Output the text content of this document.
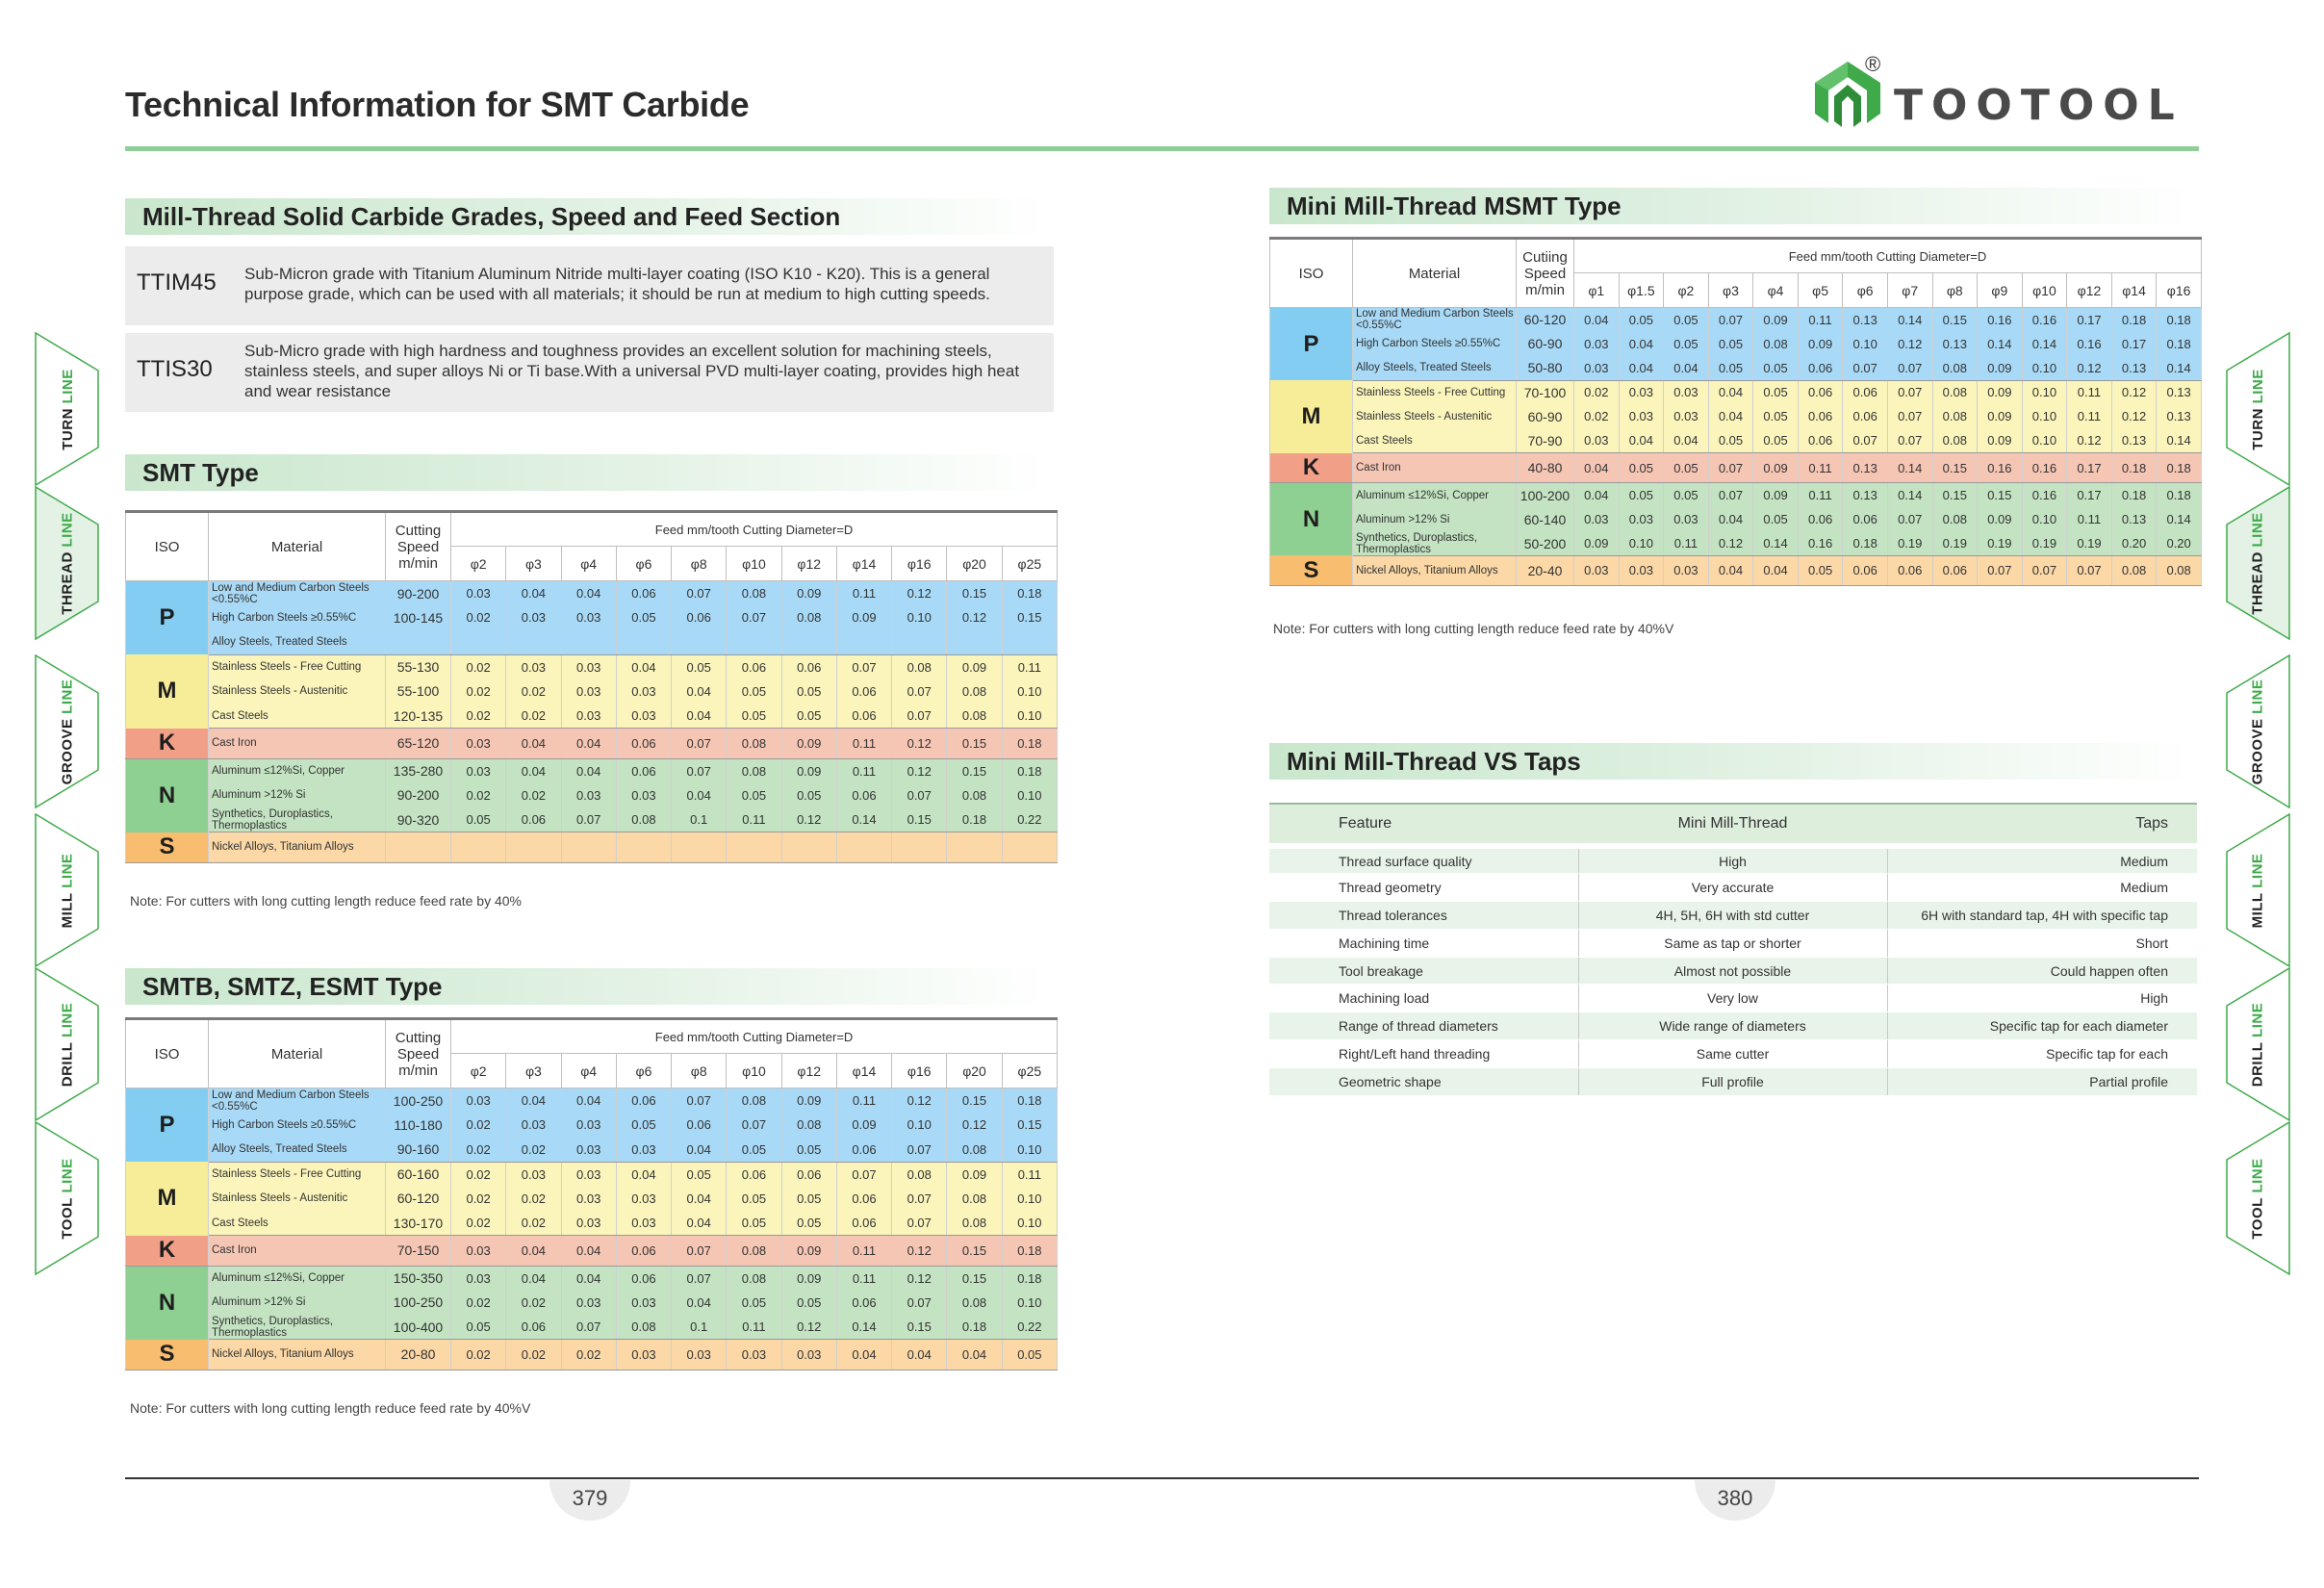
Technical Information for SMT Carbide
®
TOOTOOL
TURN LINE
THREAD LINE
GROOVE LINE
MILL LINE
DRILL LINE
TOOL LINE
TURN LINE
THREAD LINE
GROOVE LINE
MILL LINE
DRILL LINE
TOOL LINE
Mill-Thread Solid Carbide Grades, Speed and Feed Section
TTIM45 Sub-Micron grade with Titanium Aluminum Nitride multi-layer coating (ISO K10 - K20). This is a general purpose grade, which can be used with all materials; it should be run at medium to high cutting speeds.
TTIS30
Sub-Micro grade with high hardness and toughness provides an excellent solution for machining steels, stainless steels, and super alloys Ni or Ti base.With a universal PVD multi-layer coating, provides high heat and wear resistance
SMT Type
ISO	Material	Cutting Speed m/min	Feed mm/tooth Cutting Diameter=D										
			φ2	φ3	φ4	φ6	φ8	φ10	φ12	φ14	φ16	φ20	φ25
P	Low and Medium Carbon Steels <0.55%C	90-200	0.03	0.04	0.04	0.06	0.07	0.08	0.09	0.11	0.12	0.15	0.18
	High Carbon Steels ≥0.55%C	100-145	0.02	0.03	0.03	0.05	0.06	0.07	0.08	0.09	0.10	0.12	0.15
	Alloy Steels, Treated Steels												
M	Stainless Steels - Free Cutting	55-130	0.02	0.03	0.03	0.04	0.05	0.06	0.06	0.07	0.08	0.09	0.11
	Stainless Steels - Austenitic	55-100	0.02	0.02	0.03	0.03	0.04	0.05	0.05	0.06	0.07	0.08	0.10
	Cast Steels	120-135	0.02	0.02	0.03	0.03	0.04	0.05	0.05	0.06	0.07	0.08	0.10
K	Cast Iron	65-120	0.03	0.04	0.04	0.06	0.07	0.08	0.09	0.11	0.12	0.15	0.18
N	Aluminum ≤12%Si, Copper	135-280	0.03	0.04	0.04	0.06	0.07	0.08	0.09	0.11	0.12	0.15	0.18
	Aluminum >12% Si	90-200	0.02	0.02	0.03	0.03	0.04	0.05	0.05	0.06	0.07	0.08	0.10
	Synthetics, Duroplastics, Thermoplastics	90-320	0.05	0.06	0.07	0.08	0.1	0.11	0.12	0.14	0.15	0.18	0.22
S	Nickel Alloys, Titanium Alloys												
Note: For cutters with long cutting length reduce feed rate by 40%
SMTB, SMTZ, ESMT Type
ISO	Material	Cutting Speed m/min	Feed mm/tooth Cutting Diameter=D										
			φ2	φ3	φ4	φ6	φ8	φ10	φ12	φ14	φ16	φ20	φ25
P	Low and Medium Carbon Steels <0.55%C	100-250	0.03	0.04	0.04	0.06	0.07	0.08	0.09	0.11	0.12	0.15	0.18
	High Carbon Steels ≥0.55%C	110-180	0.02	0.03	0.03	0.05	0.06	0.07	0.08	0.09	0.10	0.12	0.15
	Alloy Steels, Treated Steels	90-160	0.02	0.02	0.03	0.03	0.04	0.05	0.05	0.06	0.07	0.08	0.10
M	Stainless Steels - Free Cutting	60-160	0.02	0.03	0.03	0.04	0.05	0.06	0.06	0.07	0.08	0.09	0.11
	Stainless Steels - Austenitic	60-120	0.02	0.02	0.03	0.03	0.04	0.05	0.05	0.06	0.07	0.08	0.10
	Cast Steels	130-170	0.02	0.02	0.03	0.03	0.04	0.05	0.05	0.06	0.07	0.08	0.10
K	Cast Iron	70-150	0.03	0.04	0.04	0.06	0.07	0.08	0.09	0.11	0.12	0.15	0.18
N	Aluminum ≤12%Si, Copper	150-350	0.03	0.04	0.04	0.06	0.07	0.08	0.09	0.11	0.12	0.15	0.18
	Aluminum >12% Si	100-250	0.02	0.02	0.03	0.03	0.04	0.05	0.05	0.06	0.07	0.08	0.10
	Synthetics, Duroplastics, Thermoplastics	100-400	0.05	0.06	0.07	0.08	0.1	0.11	0.12	0.14	0.15	0.18	0.22
S	Nickel Alloys, Titanium Alloys	20-80	0.02	0.02	0.02	0.03	0.03	0.03	0.03	0.04	0.04	0.04	0.05
Note: For cutters with long cutting length reduce feed rate by 40%V
Mini Mill-Thread MSMT Type
ISO	Material	Cutiing Speed m/min	Feed mm/tooth Cutting Diameter=D													
			φ1	φ1.5	φ2	φ3	φ4	φ5	φ6	φ7	φ8	φ9	φ10	φ12	φ14	φ16
P	Low and Medium Carbon Steels <0.55%C	60-120	0.04	0.05	0.05	0.07	0.09	0.11	0.13	0.14	0.15	0.16	0.16	0.17	0.18	0.18
	High Carbon Steels ≥0.55%C	60-90	0.03	0.04	0.05	0.05	0.08	0.09	0.10	0.12	0.13	0.14	0.14	0.16	0.17	0.18
	Alloy Steels, Treated Steels	50-80	0.03	0.04	0.04	0.05	0.05	0.06	0.07	0.07	0.08	0.09	0.10	0.12	0.13	0.14
M	Stainless Steels - Free Cutting	70-100	0.02	0.03	0.03	0.04	0.05	0.06	0.06	0.07	0.08	0.09	0.10	0.11	0.12	0.13
	Stainless Steels - Austenitic	60-90	0.02	0.03	0.03	0.04	0.05	0.06	0.06	0.07	0.08	0.09	0.10	0.11	0.12	0.13
	Cast Steels	70-90	0.03	0.04	0.04	0.05	0.05	0.06	0.07	0.07	0.08	0.09	0.10	0.12	0.13	0.14
K	Cast Iron	40-80	0.04	0.05	0.05	0.07	0.09	0.11	0.13	0.14	0.15	0.16	0.16	0.17	0.18	0.18
N	Aluminum ≤12%Si, Copper	100-200	0.04	0.05	0.05	0.07	0.09	0.11	0.13	0.14	0.15	0.15	0.16	0.17	0.18	0.18
	Aluminum >12% Si	60-140	0.03	0.03	0.03	0.04	0.05	0.06	0.06	0.07	0.08	0.09	0.10	0.11	0.13	0.14
	Synthetics, Duroplastics, Thermoplastics	50-200	0.09	0.10	0.11	0.12	0.14	0.16	0.18	0.19	0.19	0.19	0.19	0.19	0.20	0.20
S	Nickel Alloys, Titanium Alloys	20-40	0.03	0.03	0.03	0.04	0.04	0.05	0.06	0.06	0.06	0.07	0.07	0.07	0.08	0.08
Note: For cutters with long cutting length reduce feed rate by 40%V
Mini Mill-Thread VS Taps
Feature	Mini Mill-Thread	Taps
Thread surface quality	High	Medium
Thread geometry	Very accurate	Medium
Thread tolerances	4H, 5H, 6H with std cutter	6H with standard tap, 4H with specific tap
Machining time	Same as tap or shorter	Short
Tool breakage	Almost not possible	Could happen often
Machining load	Very low	High
Range of thread diameters	Wide range of diameters	Specific tap for each diameter
Right/Left hand threading	Same cutter	Specific tap for each
Geometric shape	Full profile	Partial profile
379	380
